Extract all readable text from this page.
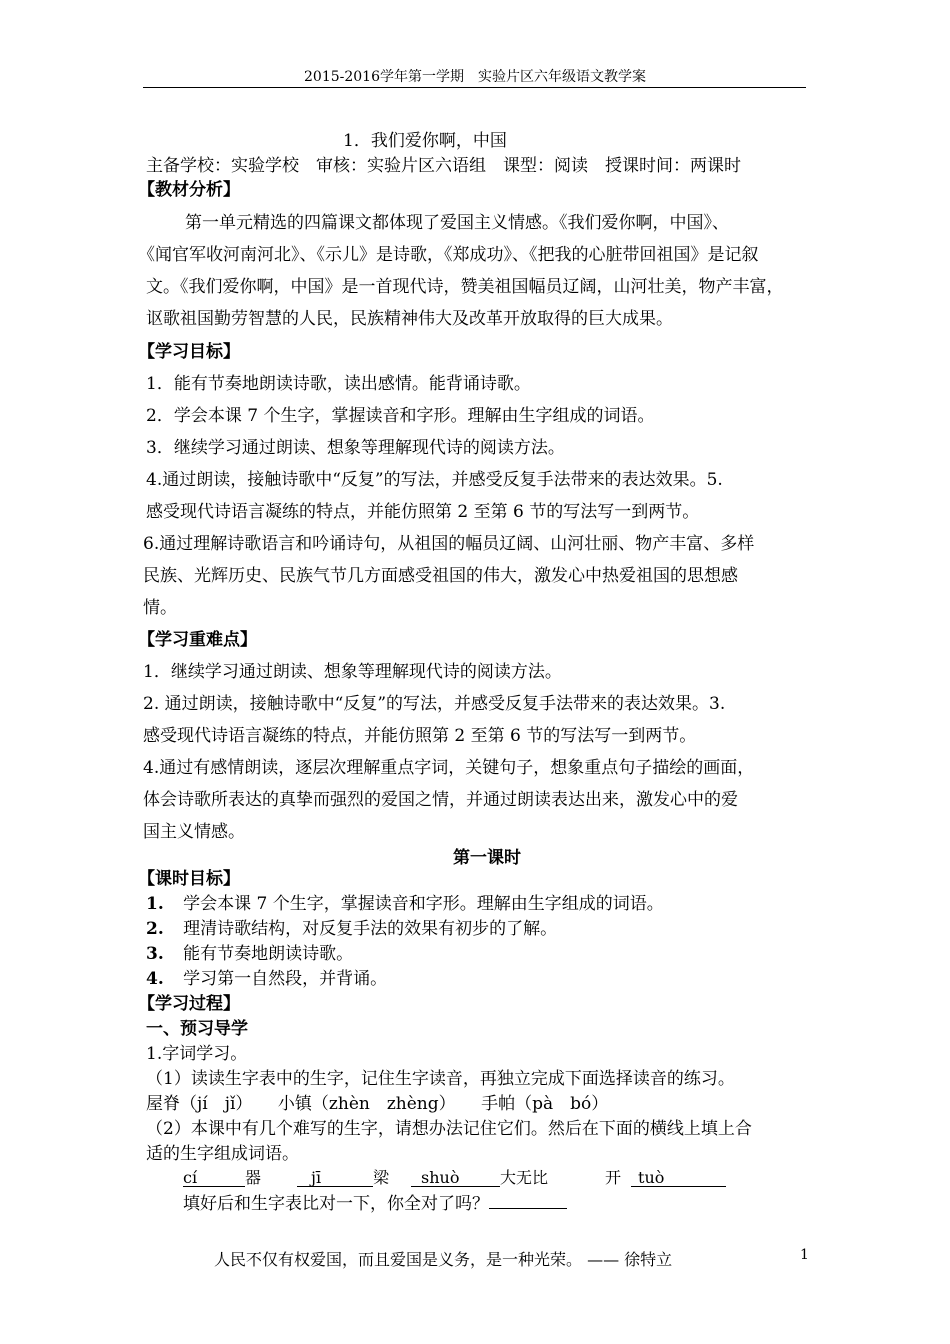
2015-2016学年第一学期　实验片区六年级语文教学案
1．我们爱你啊，中国
主备学校：实验学校　审核：实验片区六语组　课型：阅读　授课时间：两课时
【教材分析】
第一单元精选的四篇课文都体现了爱国主义情感。《我们爱你啊，中国》、
《闻官军收河南河北》、《示儿》是诗歌，《郑成功》、《把我的心脏带回祖国》是记叙
文。《我们爱你啊，中国》是一首现代诗，赞美祖国幅员辽阔，山河壮美，物产丰富，
讴歌祖国勤劳智慧的人民，民族精神伟大及改革开放取得的巨大成果。
【学习目标】
1．能有节奏地朗读诗歌，读出感情。能背诵诗歌。
2．学会本课 7 个生字，掌握读音和字形。理解由生字组成的词语。
3．继续学习通过朗读、想象等理解现代诗的阅读方法。
4.通过朗读，接触诗歌中“反复”的写法，并感受反复手法带来的表达效果。5.
感受现代诗语言凝练的特点，并能仿照第 2 至第 6 节的写法写一到两节。
6.通过理解诗歌语言和吟诵诗句，从祖国的幅员辽阔、山河壮丽、物产丰富、多样
民族、光辉历史、民族气节几方面感受祖国的伟大，激发心中热爱祖国的思想感
情。
【学习重难点】
1．继续学习通过朗读、想象等理解现代诗的阅读方法。
2. 通过朗读，接触诗歌中“反复”的写法，并感受反复手法带来的表达效果。3.
感受现代诗语言凝练的特点，并能仿照第 2 至第 6 节的写法写一到两节。
4.通过有感情朗读，逐层次理解重点字词，关键句子，想象重点句子描绘的画面，
体会诗歌所表达的真挚而强烈的爱国之情，并通过朗读表达出来，激发心中的爱
国主义情感。
第一课时
【课时目标】
1. 学会本课 7 个生字，掌握读音和字形。理解由生字组成的词语。
2. 理清诗歌结构，对反复手法的效果有初步的了解。
3. 能有节奏地朗读诗歌。
4. 学习第一自然段，并背诵。
【学习过程】
一、预习导学
1.字词学习。
（1）读读生字表中的生字，记住生字读音，再独立完成下面选择读音的练习。
屋脊（jí　jǐ）　　小镇（zhèn　zhèng）　　手帕（pà　bó）
（2）本课中有几个难写的生字，请想办法记住它们。然后在下面的横线上填上合
适的生字组成词语。
cí	器	jī	梁	shuò	大无比	开 tuò
填好后和生字表比对一下，你全对了吗？
人民不仅有权爱国，而且爱国是义务，是一种光荣。 —— 徐特立	1
